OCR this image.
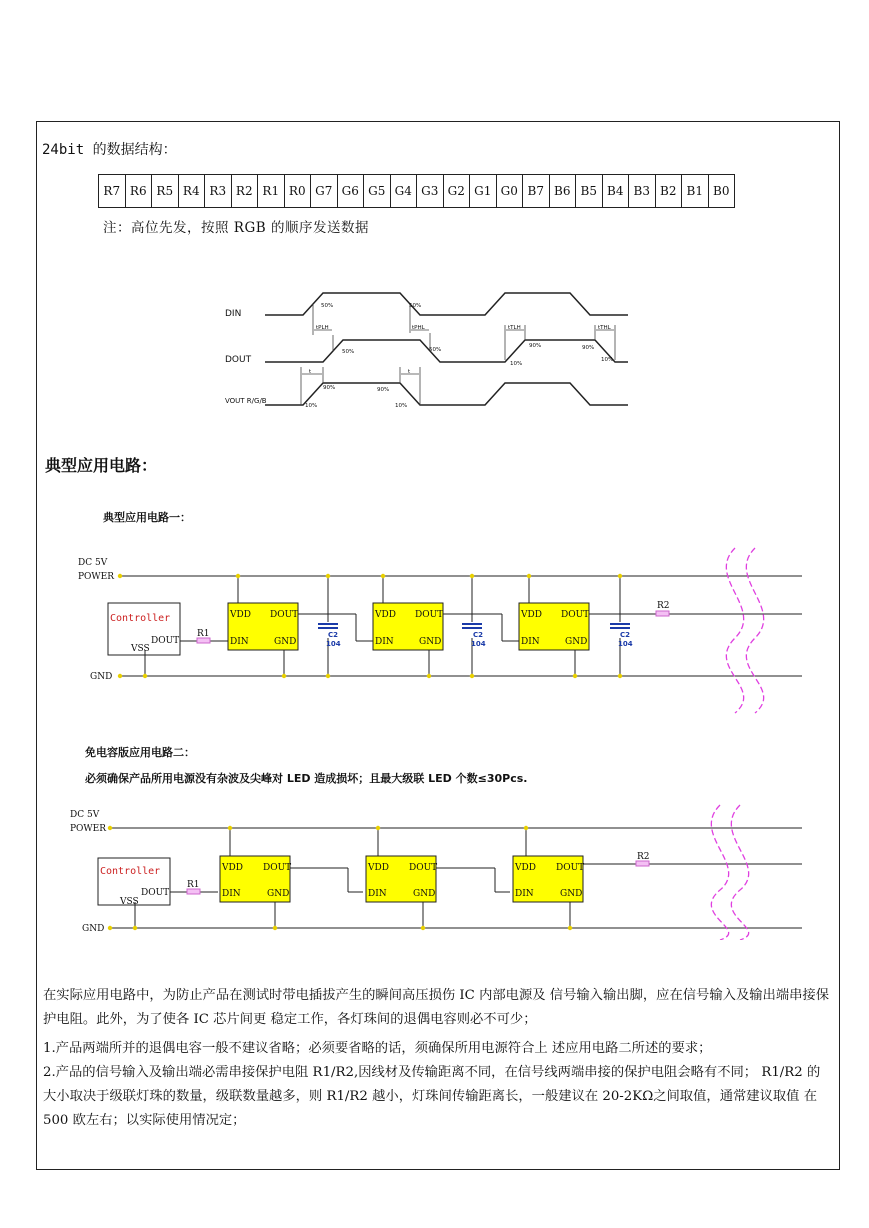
24bit 的数据结构：
R7	R6	R5	R4	R3	R2	R1	R0	G7	G6	G5	G4	G3	G2	G1	G0	B7	B6	B5	B4	B3	B2	B1	B0
注：高位先发，按照 RGB 的顺序发送数据
DIN
DOUT
VOUT R/G/B
50%	50%
tPLH	tPHL	tTLH	tTHL
50%	50%
90%	90%
10%
10%
t	t
90%	90%
10%	10%
典型应用电路：
典型应用电路一：
DC 5V
POWER
GND
Controller
DOUT
VSS
R1
R2
VDD DOUT
DIN	GND
VDD DOUT
DIN	GND
VDD DOUT
DIN	GND
C2
104
C2
104
C2
104
免电容版应用电路二：
必须确保产品所用电源没有杂波及尖峰对 LED 造成损坏；且最大级联 LED 个数≤30Pcs.
DC 5V
POWER
GND
Controller
DOUT
VSS
R1
R2
VDD DOUT
DIN	GND
VDD DOUT
DIN	GND
VDD DOUT
DIN	GND
在实际应用电路中，为防止产品在测试时带电插拔产生的瞬间高压损伤 IC 内部电源及 信号输入输出脚，应在信号输入及输出端串接保护电阻。此外，为了使各 IC 芯片间更 稳定工作，各灯珠间的退偶电容则必不可少；
1.产品两端所并的退偶电容一般不建议省略；必须要省略的话，须确保所用电源符合上 述应用电路二所述的要求；
2.产品的信号输入及输出端必需串接保护电阻 R1/R2,因线材及传输距离不同，在信号线两端串接的保护电阻会略有不同； R1/R2 的大小取决于级联灯珠的数量，级联数量越多，则 R1/R2 越小，灯珠间传输距离长，一般建议在 20-2KΩ之间取值，通常建议取值 在 500 欧左右；以实际使用情况定；
